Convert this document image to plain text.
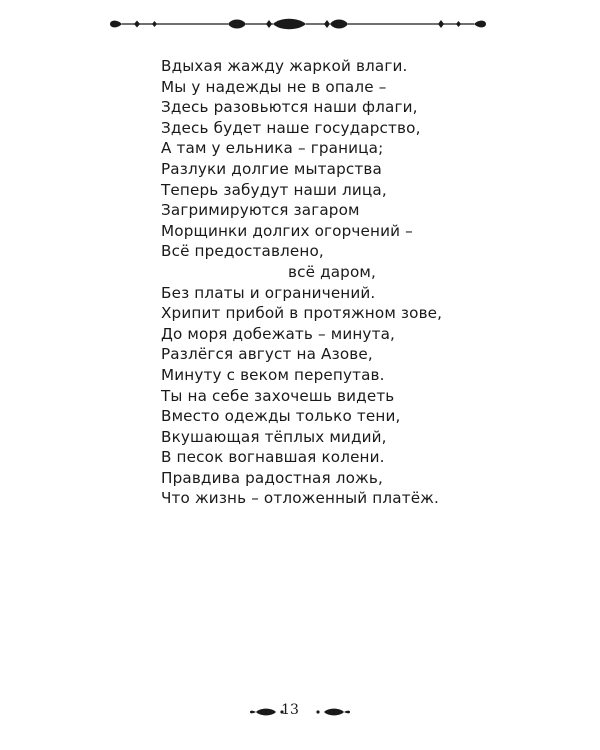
Вдыхая жажду жаркой влаги.
Мы у надежды не в опале –
Здесь разовьются наши флаги,
Здесь будет наше государство,
А там у ельника – граница;
Разлуки долгие мытарства
Теперь забудут наши лица,
Загримируются загаром
Морщинки долгих огорчений –
Всё предоставлено,
всё даром,
Без платы и ограничений.
Хрипит прибой в протяжном зове,
До моря добежать – минута,
Разлёгся август на Азове,
Минуту с веком перепутав.
Ты на себе захочешь видеть
Вместо одежды только тени,
Вкушающая тёплых мидий,
В песок вогнавшая колени.
Правдива радостная ложь,
Что жизнь – отложенный платёж.
13
